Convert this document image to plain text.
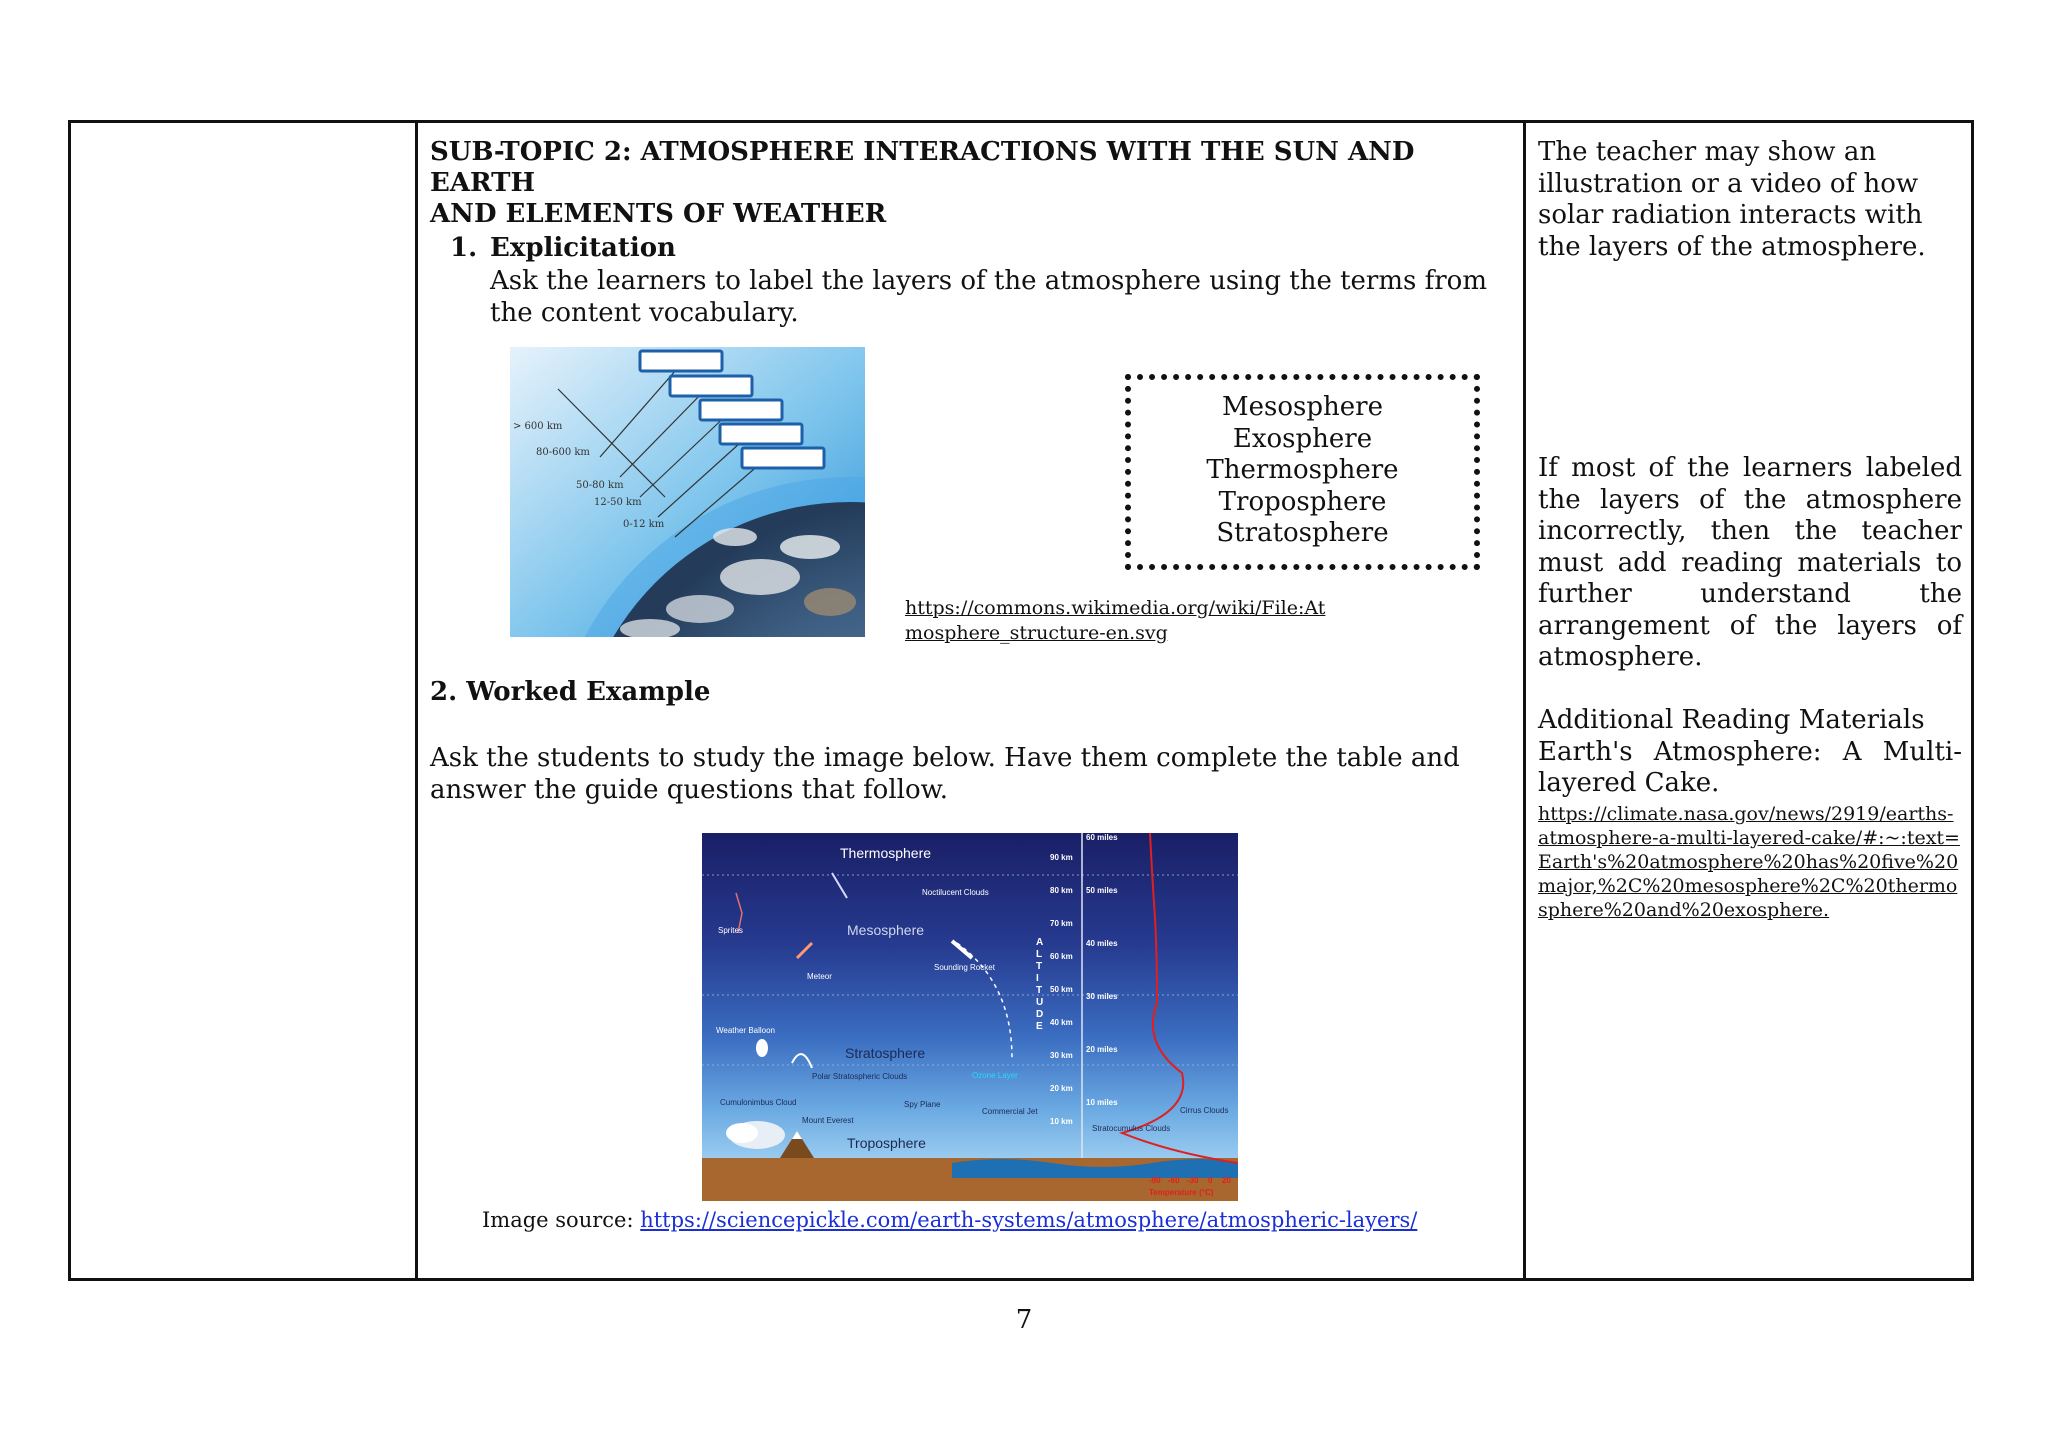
SUB-TOPIC 2: ATMOSPHERE INTERACTIONS WITH THE SUN AND EARTH
AND ELEMENTS OF WEATHER

1. Explicitation
Ask the learners to label the layers of the atmosphere using the terms from the content vocabulary.
> 600 km
80-600 km
50-80 km
12-50 km
0-12 km
Mesosphere
Exosphere
Thermosphere
Troposphere
Stratosphere
https://commons.wikimedia.org/wiki/File:At
mosphere_structure-en.svg
2. Worked Example
Ask the students to study the image below. Have them complete the table and answer the guide questions that follow.
Thermosphere
Mesosphere
Stratosphere
Troposphere
Noctilucent Clouds
Sprites
Meteor
Sounding Rocket
Weather Balloon
Polar Stratospheric Clouds	Ozone Layer
Spy Plane
Cumulonimbus Cloud
Mount Everest
Commercial Jet
Stratocumulus Clouds
Cirrus Clouds
90 km
80 km
70 km
60 km
50 km
40 km
30 km
20 km
10 km
60 miles
50 miles
40 miles
30 miles
20 miles
10 miles
A
L
T
I
T
U
D
E
-90 -60 -30 0 20
Temperature (°C)
Image source: https://sciencepickle.com/earth-systems/atmosphere/atmospheric-layers/
The teacher may show an illustration or a video of how solar radiation interacts with the layers of the atmosphere.
If most of the learners labeled the layers of the atmosphere incorrectly, then the teacher must add reading materials to further understand the arrangement of the layers of atmosphere.
Additional Reading Materials
Earth's Atmosphere: A Multi-
layered Cake.
https://climate.nasa.gov/news/2919/earths-atmosphere-a-multi-layered-cake/#:~:text=Earth's%20atmosphere%20has%20five%20major,%2C%20mesosphere%2C%20thermosphere%20and%20exosphere.
7
